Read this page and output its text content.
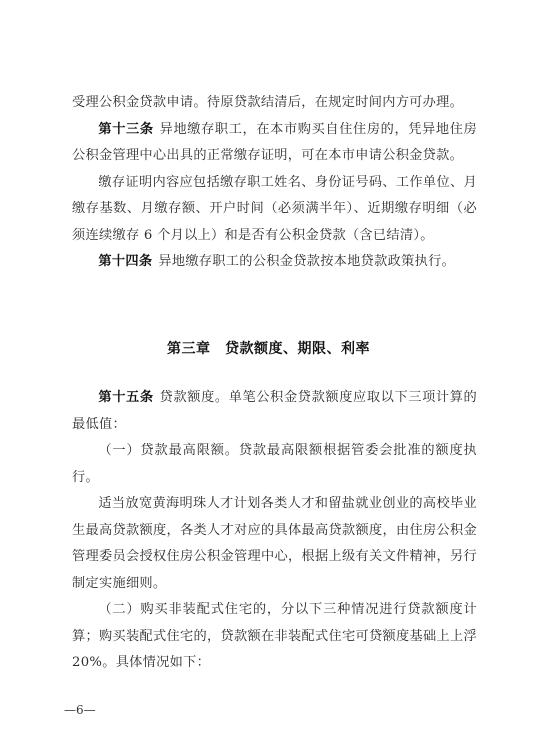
受理公积金贷款申请。待原贷款结清后，在规定时间内方可办理。

第十三条 异地缴存职工，在本市购买自住住房的，凭异地住房公积金管理中心出具的正常缴存证明，可在本市申请公积金贷款。

缴存证明内容应包括缴存职工姓名、身份证号码、工作单位、月缴存基数、月缴存额、开户时间（必须满半年）、近期缴存明细（必须连续缴存 6 个月以上）和是否有公积金贷款（含已结清）。

第十四条 异地缴存职工的公积金贷款按本地贷款政策执行。

第三章　贷款额度、期限、利率

第十五条 贷款额度。单笔公积金贷款额度应取以下三项计算的最低值：

（一）贷款最高限额。贷款最高限额根据管委会批准的额度执行。

适当放宽黄海明珠人才计划各类人才和留盐就业创业的高校毕业生最高贷款额度，各类人才对应的具体最高贷款额度，由住房公积金管理委员会授权住房公积金管理中心，根据上级有关文件精神，另行制定实施细则。

（二）购买非装配式住宅的，分以下三种情况进行贷款额度计算；购买装配式住宅的，贷款额在非装配式住宅可贷额度基础上上浮 20%。具体情况如下：

—6—
